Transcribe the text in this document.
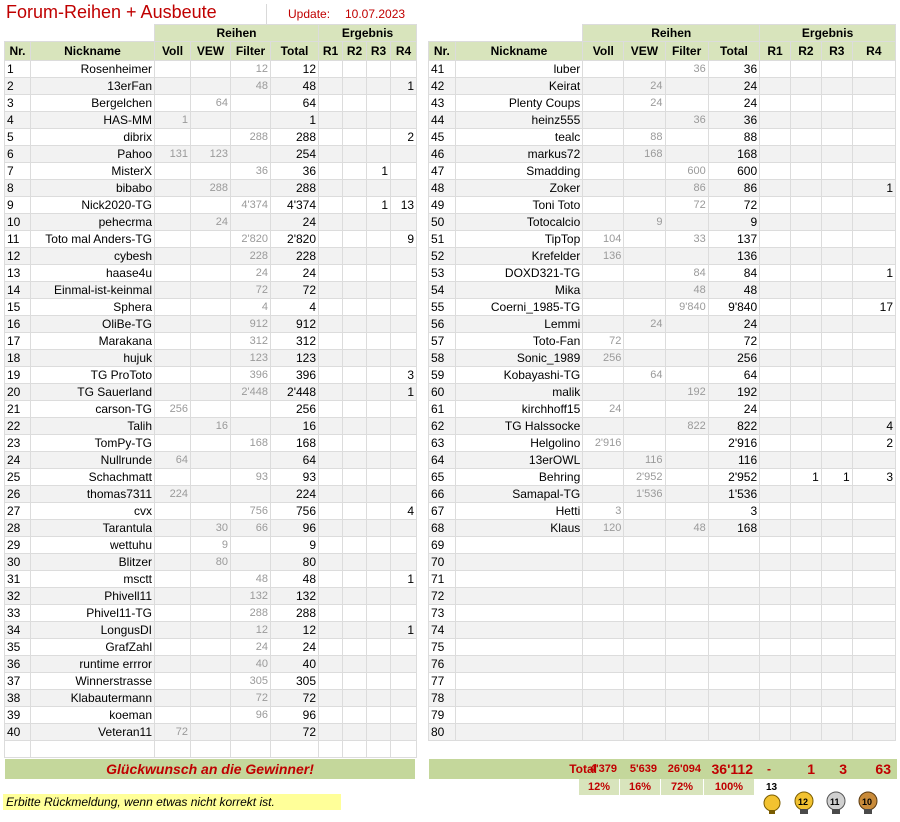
Forum-Reihen + Ausbeute	Update: 10.07.2023
		Reihen				Ergebnis			
Nr.	Nickname	Voll	VEW	Filter	Total	R1	R2	R3	R4
1	Rosenheimer			12	12				
2	13erFan			48	48				1
3	Bergelchen		64		64				
4	HAS-MM	1			1				
5	dibrix			288	288				2
6	Pahoo	131	123		254				
7	MisterX			36	36			1	
8	bibabo		288		288				
9	Nick2020-TG			4'374	4'374			1	13
10	pehecrma		24		24				
11	Toto mal Anders-TG			2'820	2'820				9
12	cybesh			228	228				
13	haase4u			24	24				
14	Einmal-ist-keinmal			72	72				
15	Sphera			4	4				
16	OliBe-TG			912	912				
17	Marakana			312	312				
18	hujuk			123	123				
19	TG ProToto			396	396				3
20	TG Sauerland			2'448	2'448				1
21	carson-TG	256			256				
22	Talih		16		16				
23	TomPy-TG			168	168				
24	Nullrunde	64			64				
25	Schachmatt			93	93				
26	thomas7311	224			224				
27	cvx			756	756				4
28	Tarantula		30	66	96				
29	wettuhu		9		9				
30	Blitzer		80		80				
31	msctt			48	48				1
32	Phivell11			132	132				
33	Phivel11-TG			288	288				
34	LongusDI			12	12				1
35	GrafZahl			24	24				
36	runtime errror			40	40				
37	Winnerstrasse			305	305				
38	Klabautermann			72	72				
39	koeman			96	96				
40	Veteran11	72			72				

		Reihen				Ergebnis			
Nr.	Nickname	Voll	VEW	Filter	Total	R1	R2	R3	R4
41	luber			36	36				
42	Keirat		24		24				
43	Plenty Coups		24		24				
44	heinz555			36	36				
45	tealc		88		88				
46	markus72		168		168				
47	Smadding			600	600				
48	Zoker			86	86				1
49	Toni Toto			72	72				
50	Totocalcio		9		9				
51	TipTop	104		33	137				
52	Krefelder	136			136				
53	DOXD321-TG			84	84				1
54	Mika			48	48				
55	Coerni_1985-TG			9'840	9'840				17
56	Lemmi		24		24				
57	Toto-Fan	72			72				
58	Sonic_1989	256			256				
59	Kobayashi-TG		64		64				
60	malik			192	192				
61	kirchhoff15	24			24				
62	TG Halssocke			822	822				4
63	Helgolino	2'916			2'916				2
64	13erOWL		116		116				
65	Behring		2'952		2'952		1	1	3
66	Samapal-TG		1'536		1'536				
67	Hetti	3			3				
68	Klaus	120		48	168				
69									
70									
71									
72									
73									
74									
75									
76									
77									
78									
79									
80									
Glückwunsch an die Gewinner!	Total
4'379	5'639 26'094 36'112	-	1	3	63
12%	16%	72%	100%
Erbitte Rückmeldung, wenn etwas nicht korrekt ist.
13
12 11 10
